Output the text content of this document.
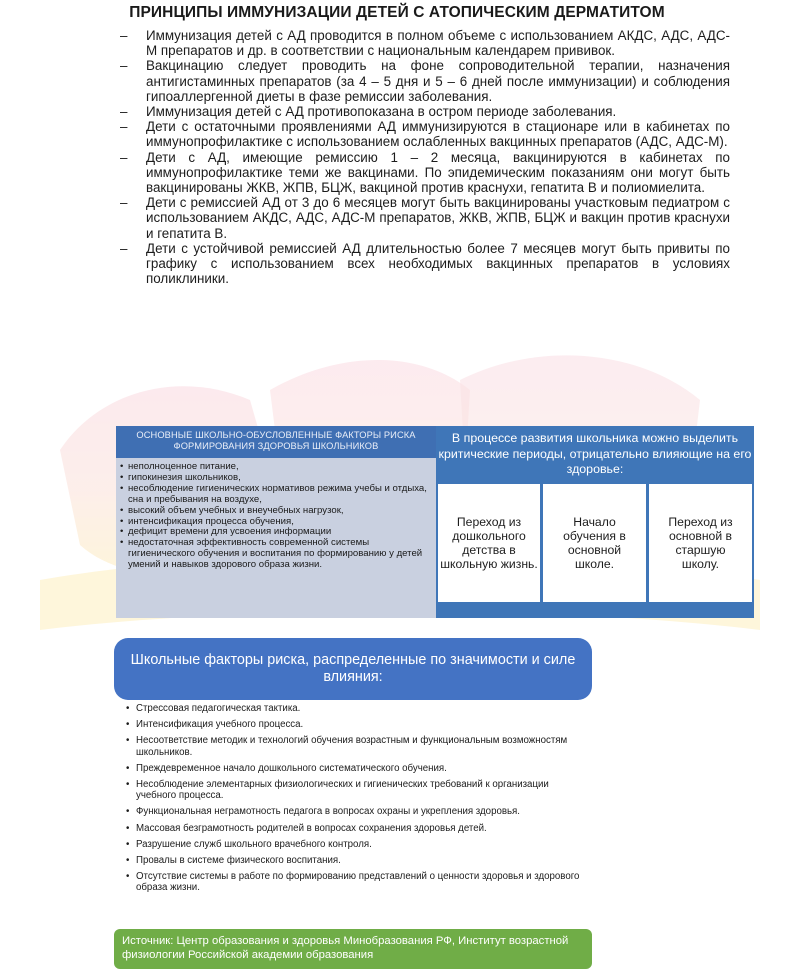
ПРИНЦИПЫ ИММУНИЗАЦИИ ДЕТЕЙ С АТОПИЧЕСКИМ ДЕРМАТИТОМ
– Иммунизация детей с АД проводится в полном объеме с использованием АКДС, АДС, АДС-М препаратов и др. в соответствии с национальным календарем прививок.
– Вакцинацию следует проводить на фоне сопроводительной терапии, назначения антигистаминных препаратов (за 4 – 5 дня и 5 – 6 дней после иммунизации) и соблюдения гипоаллергенной диеты в фазе ремиссии заболевания.
– Иммунизация детей с АД противопоказана в остром периоде заболевания.
– Дети с остаточными проявлениями АД иммунизируются в стационаре или в кабинетах по иммунопрофилактике с использованием ослабленных вакцинных препаратов (АДС, АДС-М).
– Дети с АД, имеющие ремиссию 1 – 2 месяца, вакцинируются в кабинетах по иммунопрофилактике теми же вакцинами. По эпидемическим показаниям они могут быть вакцинированы ЖКВ, ЖПВ, БЦЖ, вакциной против краснухи, гепатита В и полиомиелита.
– Дети с ремиссией АД от 3 до 6 месяцев могут быть вакцинированы участковым педиатром с использованием АКДС, АДС, АДС-М препаратов, ЖКВ, ЖПВ, БЦЖ и вакцин против краснухи и гепатита В.
– Дети с устойчивой ремиссией АД длительностью более 7 месяцев могут быть привиты по графику с использованием всех необходимых вакцинных препаратов в условиях поликлиники.
ОСНОВНЫЕ ШКОЛЬНО-ОБУСЛОВЛЕННЫЕ ФАКТОРЫ РИСКА ФОРМИРОВАНИЯ ЗДОРОВЬЯ ШКОЛЬНИКОВ
• неполноценное питание,
• гипокинезия школьников,
• несоблюдение гигиенических нормативов режима учебы и отдыха, сна и пребывания на воздухе,
• высокий объем учебных и внеучебных нагрузок,
• интенсификация процесса обучения,
• дефицит времени для усвоения информации
• недостаточная эффективность современной системы гигиенического обучения и воспитания по формированию у детей умений и навыков здорового образа жизни.
В процессе развития школьника можно выделить критические периоды, отрицательно влияющие на его здоровье:
Переход из дошкольного детства в школьную жизнь.
Начало обучения в основной школе.
Переход из основной в старшую школу.
Школьные факторы риска, распределенные по значимости и силе влияния:
• Стрессовая педагогическая тактика.
• Интенсификация учебного процесса.
• Несоответствие методик и технологий обучения возрастным и функциональным возможностям школьников.
• Преждевременное начало дошкольного систематического обучения.
• Несоблюдение элементарных физиологических и гигиенических требований к организации учебного процесса.
• Функциональная неграмотность педагога в вопросах охраны и укрепления здоровья.
• Массовая безграмотность родителей в вопросах сохранения здоровья детей.
• Разрушение служб школьного врачебного контроля.
• Провалы в системе физического воспитания.
• Отсутствие системы в работе по формированию представлений о ценности здоровья и здорового образа жизни.
Источник: Центр образования и здоровья Минобразования РФ, Институт возрастной физиологии Российской академии образования
